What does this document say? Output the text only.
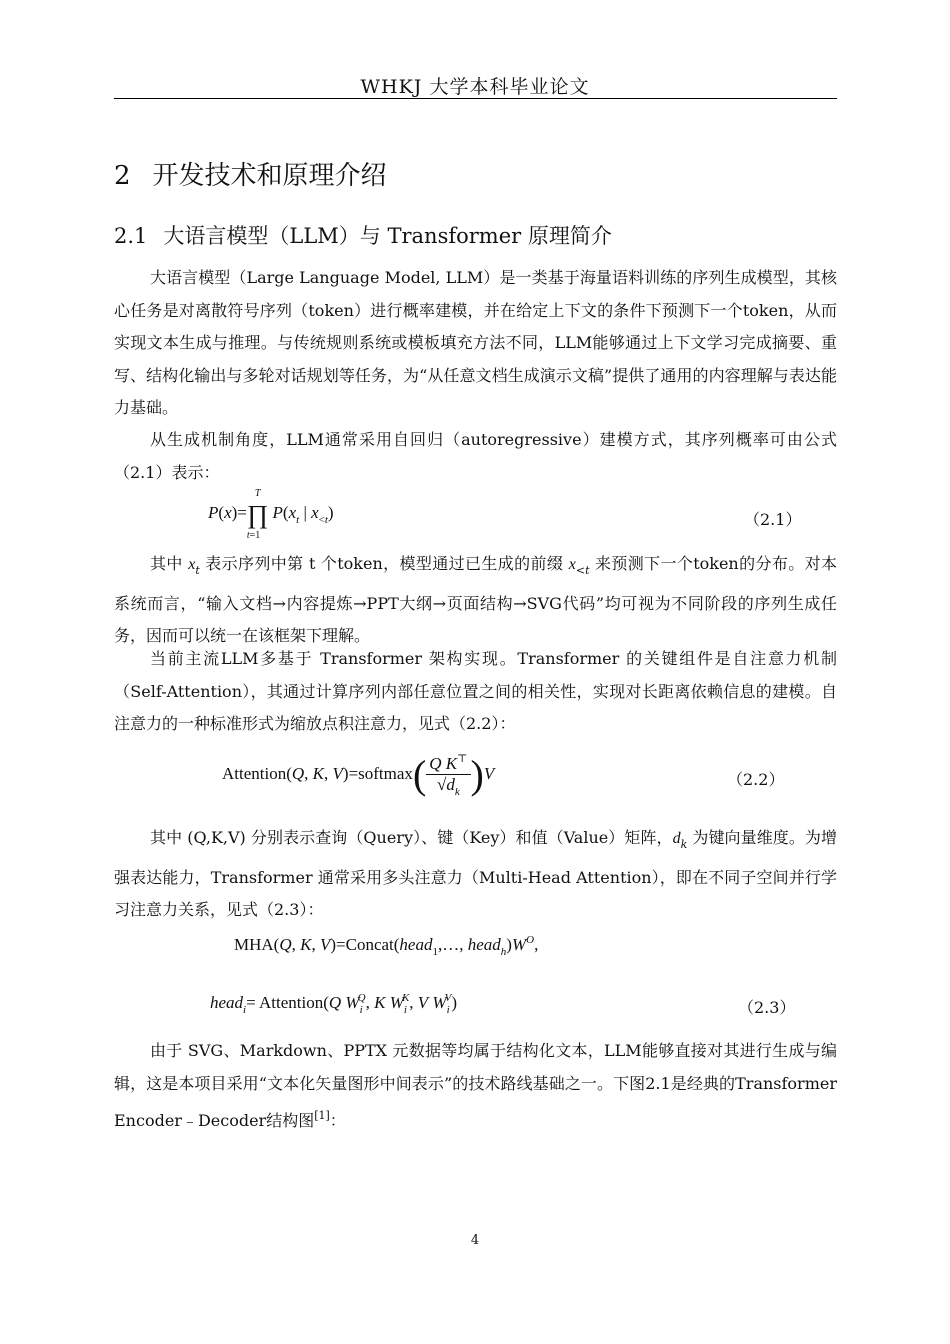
WHKJ 大学本科毕业论文
2 开发技术和原理介绍
2.1 大语言模型（LLM）与 Transformer 原理简介
大语言模型（Large Language Model, LLM）是一类基于海量语料训练的序列生成模型，其核心任务是对离散符号序列（token）进行概率建模，并在给定上下文的条件下预测下一个token，从而实现文本生成与推理。与传统规则系统或模板填充方法不同，LLM能够通过上下文学习完成摘要、重写、结构化输出与多轮对话规划等任务，为“从任意文档生成演示文稿”提供了通用的内容理解与表达能力基础。
从生成机制角度，LLM通常采用自回归（autoregressive）建模方式，其序列概率可由公式（2.1）表示：
P(x)=∏
T
t=1
$P(x_t$ | $x_{<t}$)	（2.1）
其中 $x_t$ 表示序列中第 t 个token，模型通过已生成的前缀 $x_{<t}$ 来预测下一个token的分布。对本系统而言，“输入文档→内容提炼→PPT大纲→页面结构→SVG代码”均可视为不同阶段的序列生成任务，因而可以统一在该框架下理解。
当前主流LLM多基于 Transformer 架构实现。Transformer 的关键组件是自注意力机制（Self-Attention），其通过计算序列内部任意位置之间的相关性，实现对长距离依赖信息的建模。自注意力的一种标准形式为缩放点积注意力，见式（2.2）：
Attention(Q, K, V)=softmax( $\frac{Q K^⊤}{√d_k} )V$	（2.2）
其中 (Q,K,V) 分别表示查询（Query）、键（Key）和值（Value）矩阵，$d_k$ 为键向量维度。为增强表达能力，Transformer 通常采用多头注意力（Multi-Head Attention），即在不同子空间并行学习注意力关系，见式（2.3）：
MHA(Q, K, V)=Concat(head$_1$,…, $head_h)W^O$,
head$_i$= Attention(Q $W_i^Q$, K $W_i^K$, V $W_i^V$)	（2.3）
由于 SVG、Markdown、PPTX 元数据等均属于结构化文本，LLM能够直接对其进行生成与编辑，这是本项目采用“文本化矢量图形中间表示”的技术路线基础之一。下图2.1是经典的Transformer Encoder﹣Decoder结构图[1]：
4
